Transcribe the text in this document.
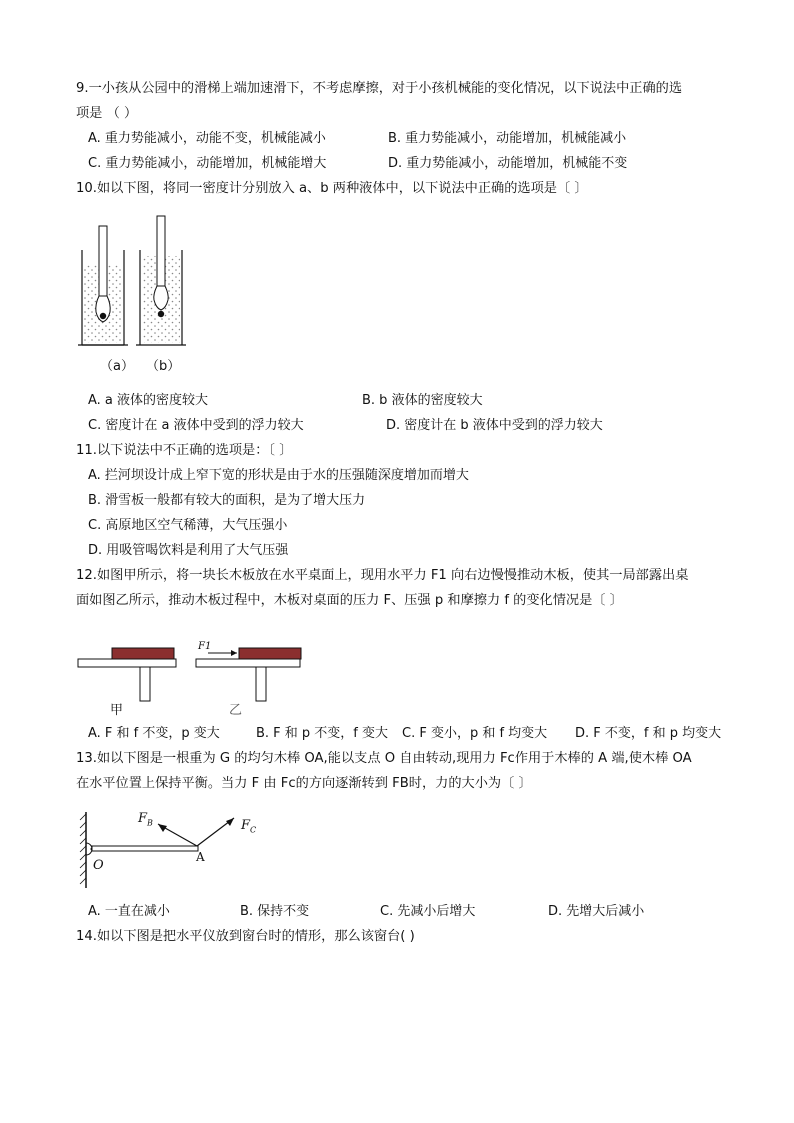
9.一小孩从公园中的滑梯上端加速滑下，不考虑摩擦，对于小孩机械能的变化情况，以下说法中正确的选
项是 （ ）
A. 重力势能减小，动能不变，机械能减小	B. 重力势能减小，动能增加，机械能减小
C. 重力势能减小，动能增加，机械能增大	D. 重力势能减小，动能增加，机械能不变
10.如以下图，将同一密度计分别放入 a、b 两种液体中，以下说法中正确的选项是〔 〕
（a） （b）
A. a 液体的密度较大	B. b 液体的密度较大
C. 密度计在 a 液体中受到的浮力较大	D. 密度计在 b 液体中受到的浮力较大
11.以下说法中不正确的选项是：〔 〕
A. 拦河坝设计成上窄下宽的形状是由于水的压强随深度增加而增大
B. 滑雪板一般都有较大的面积，是为了增大压力
C. 高原地区空气稀薄，大气压强小
D. 用吸管喝饮料是利用了大气压强
12.如图甲所示，将一块长木板放在水平桌面上，现用水平力 F1 向右边慢慢推动木板，使其一局部露出桌
面如图乙所示，推动木板过程中，木板对桌面的压力 F、压强 p 和摩擦力 f 的变化情况是〔 〕
F1
甲	乙
A. F 和 f 不变，p 变大	B. F 和 p 不变，f 变大 C. F 变小，p 和 f 均变大 D. F 不变，f 和 p 均变大
13.如以下图是一根重为 G 的均匀木棒 OA,能以支点 O 自由转动,现用力 Fc作用于木棒的 A 端,使木棒 OA
在水平位置上保持平衡。当力 F 由 Fc的方向逐渐转到 FB时，力的大小为〔 〕
$F_B$	$F_C$
O
A
A. 一直在减小	B. 保持不变	C. 先减小后增大	D. 先增大后减小
14.如以下图是把水平仪放到窗台时的情形，那么该窗台( )
